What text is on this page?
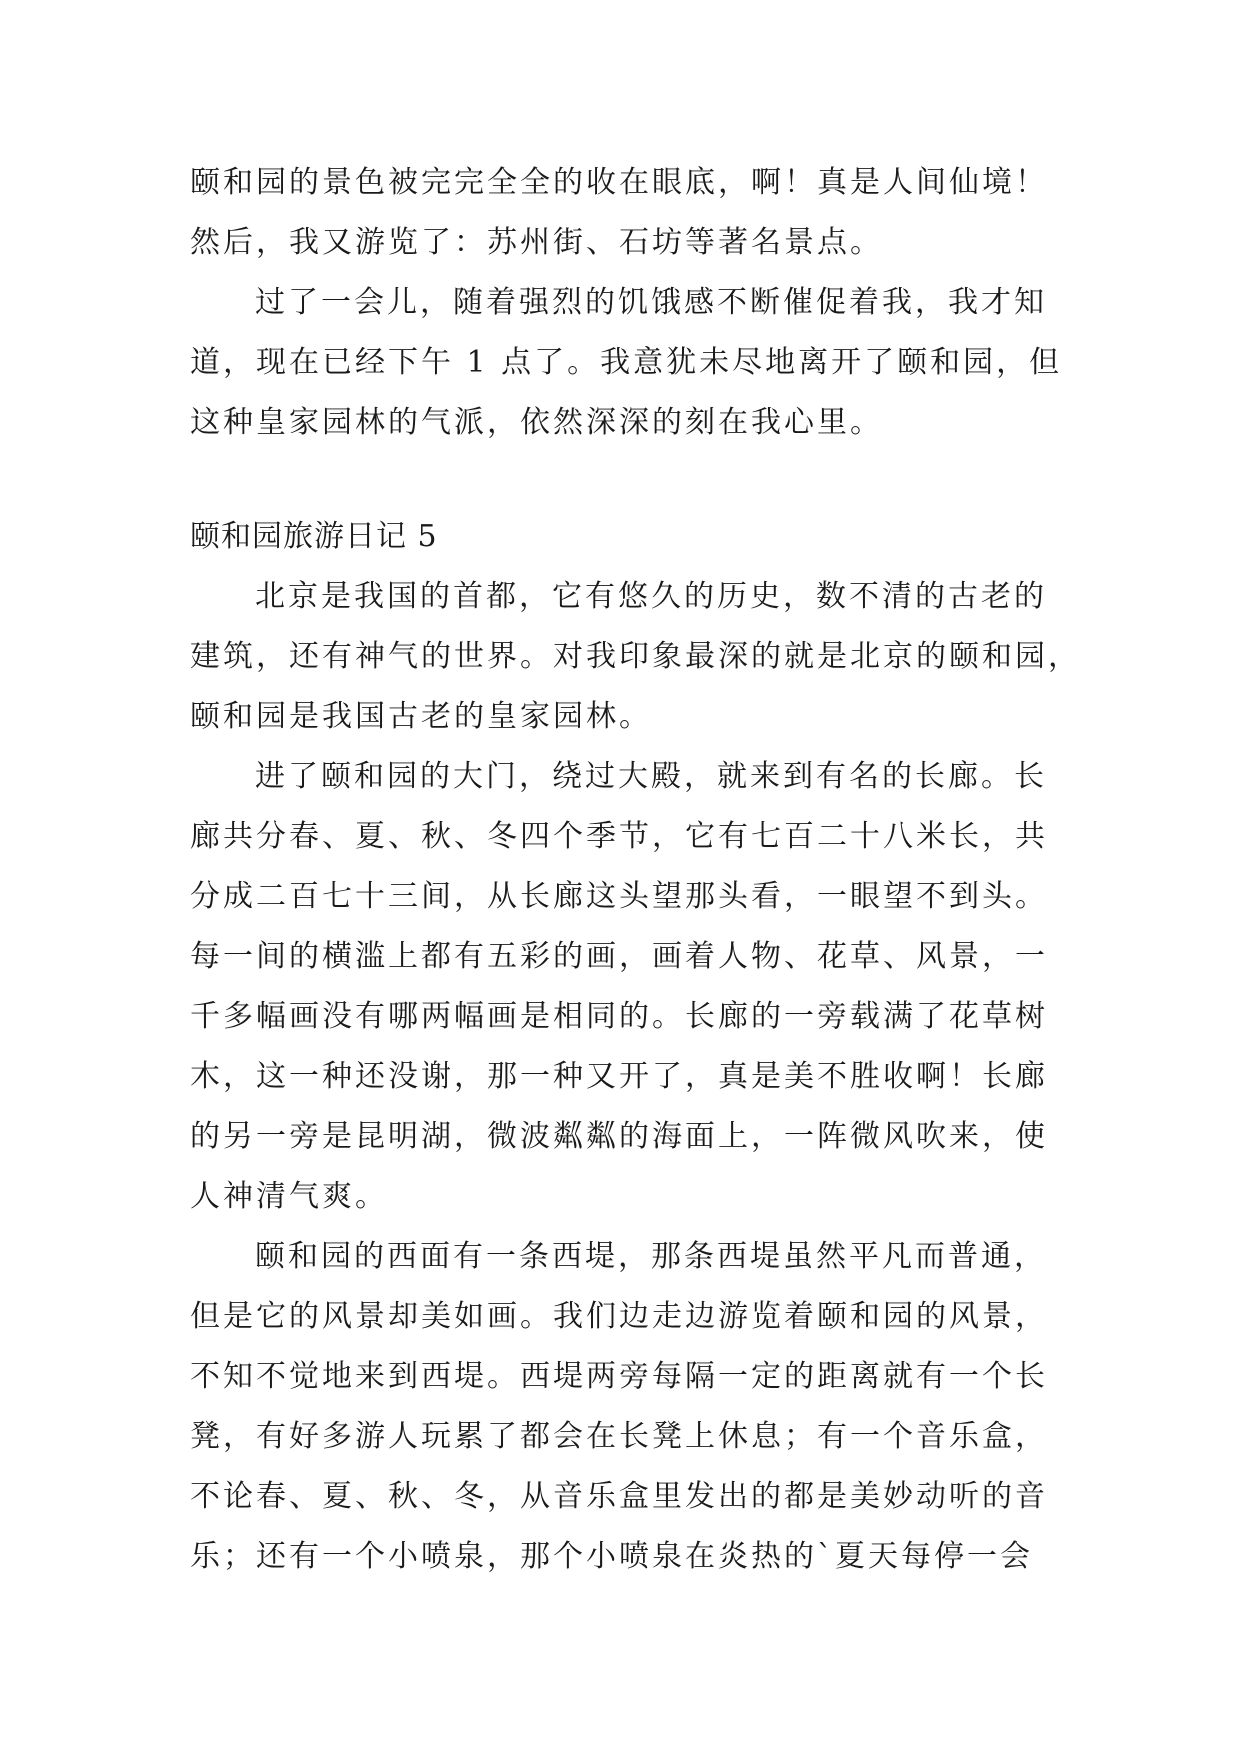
颐和园的景色被完完全全的收在眼底，啊！真是人间仙境！
然后，我又游览了：苏州街、石坊等著名景点。
过了一会儿，随着强烈的饥饿感不断催促着我，我才知
道，现在已经下午 1 点了。我意犹未尽地离开了颐和园，但
这种皇家园林的气派，依然深深的刻在我心里。
颐和园旅游日记 5
北京是我国的首都，它有悠久的历史，数不清的古老的
建筑，还有神气的世界。对我印象最深的就是北京的颐和园，
颐和园是我国古老的皇家园林。
进了颐和园的大门，绕过大殿，就来到有名的长廊。长
廊共分春、夏、秋、冬四个季节，它有七百二十八米长，共
分成二百七十三间，从长廊这头望那头看，一眼望不到头。
每一间的横滥上都有五彩的画，画着人物、花草、风景，一
千多幅画没有哪两幅画是相同的。长廊的一旁载满了花草树
木，这一种还没谢，那一种又开了，真是美不胜收啊！长廊
的另一旁是昆明湖，微波粼粼的海面上，一阵微风吹来，使
人神清气爽。
颐和园的西面有一条西堤，那条西堤虽然平凡而普通，
但是它的风景却美如画。我们边走边游览着颐和园的风景，
不知不觉地来到西堤。西堤两旁每隔一定的距离就有一个长
凳，有好多游人玩累了都会在长凳上休息；有一个音乐盒，
不论春、夏、秋、冬，从音乐盒里发出的都是美妙动听的音
乐；还有一个小喷泉，那个小喷泉在炎热的`夏天每停一会
